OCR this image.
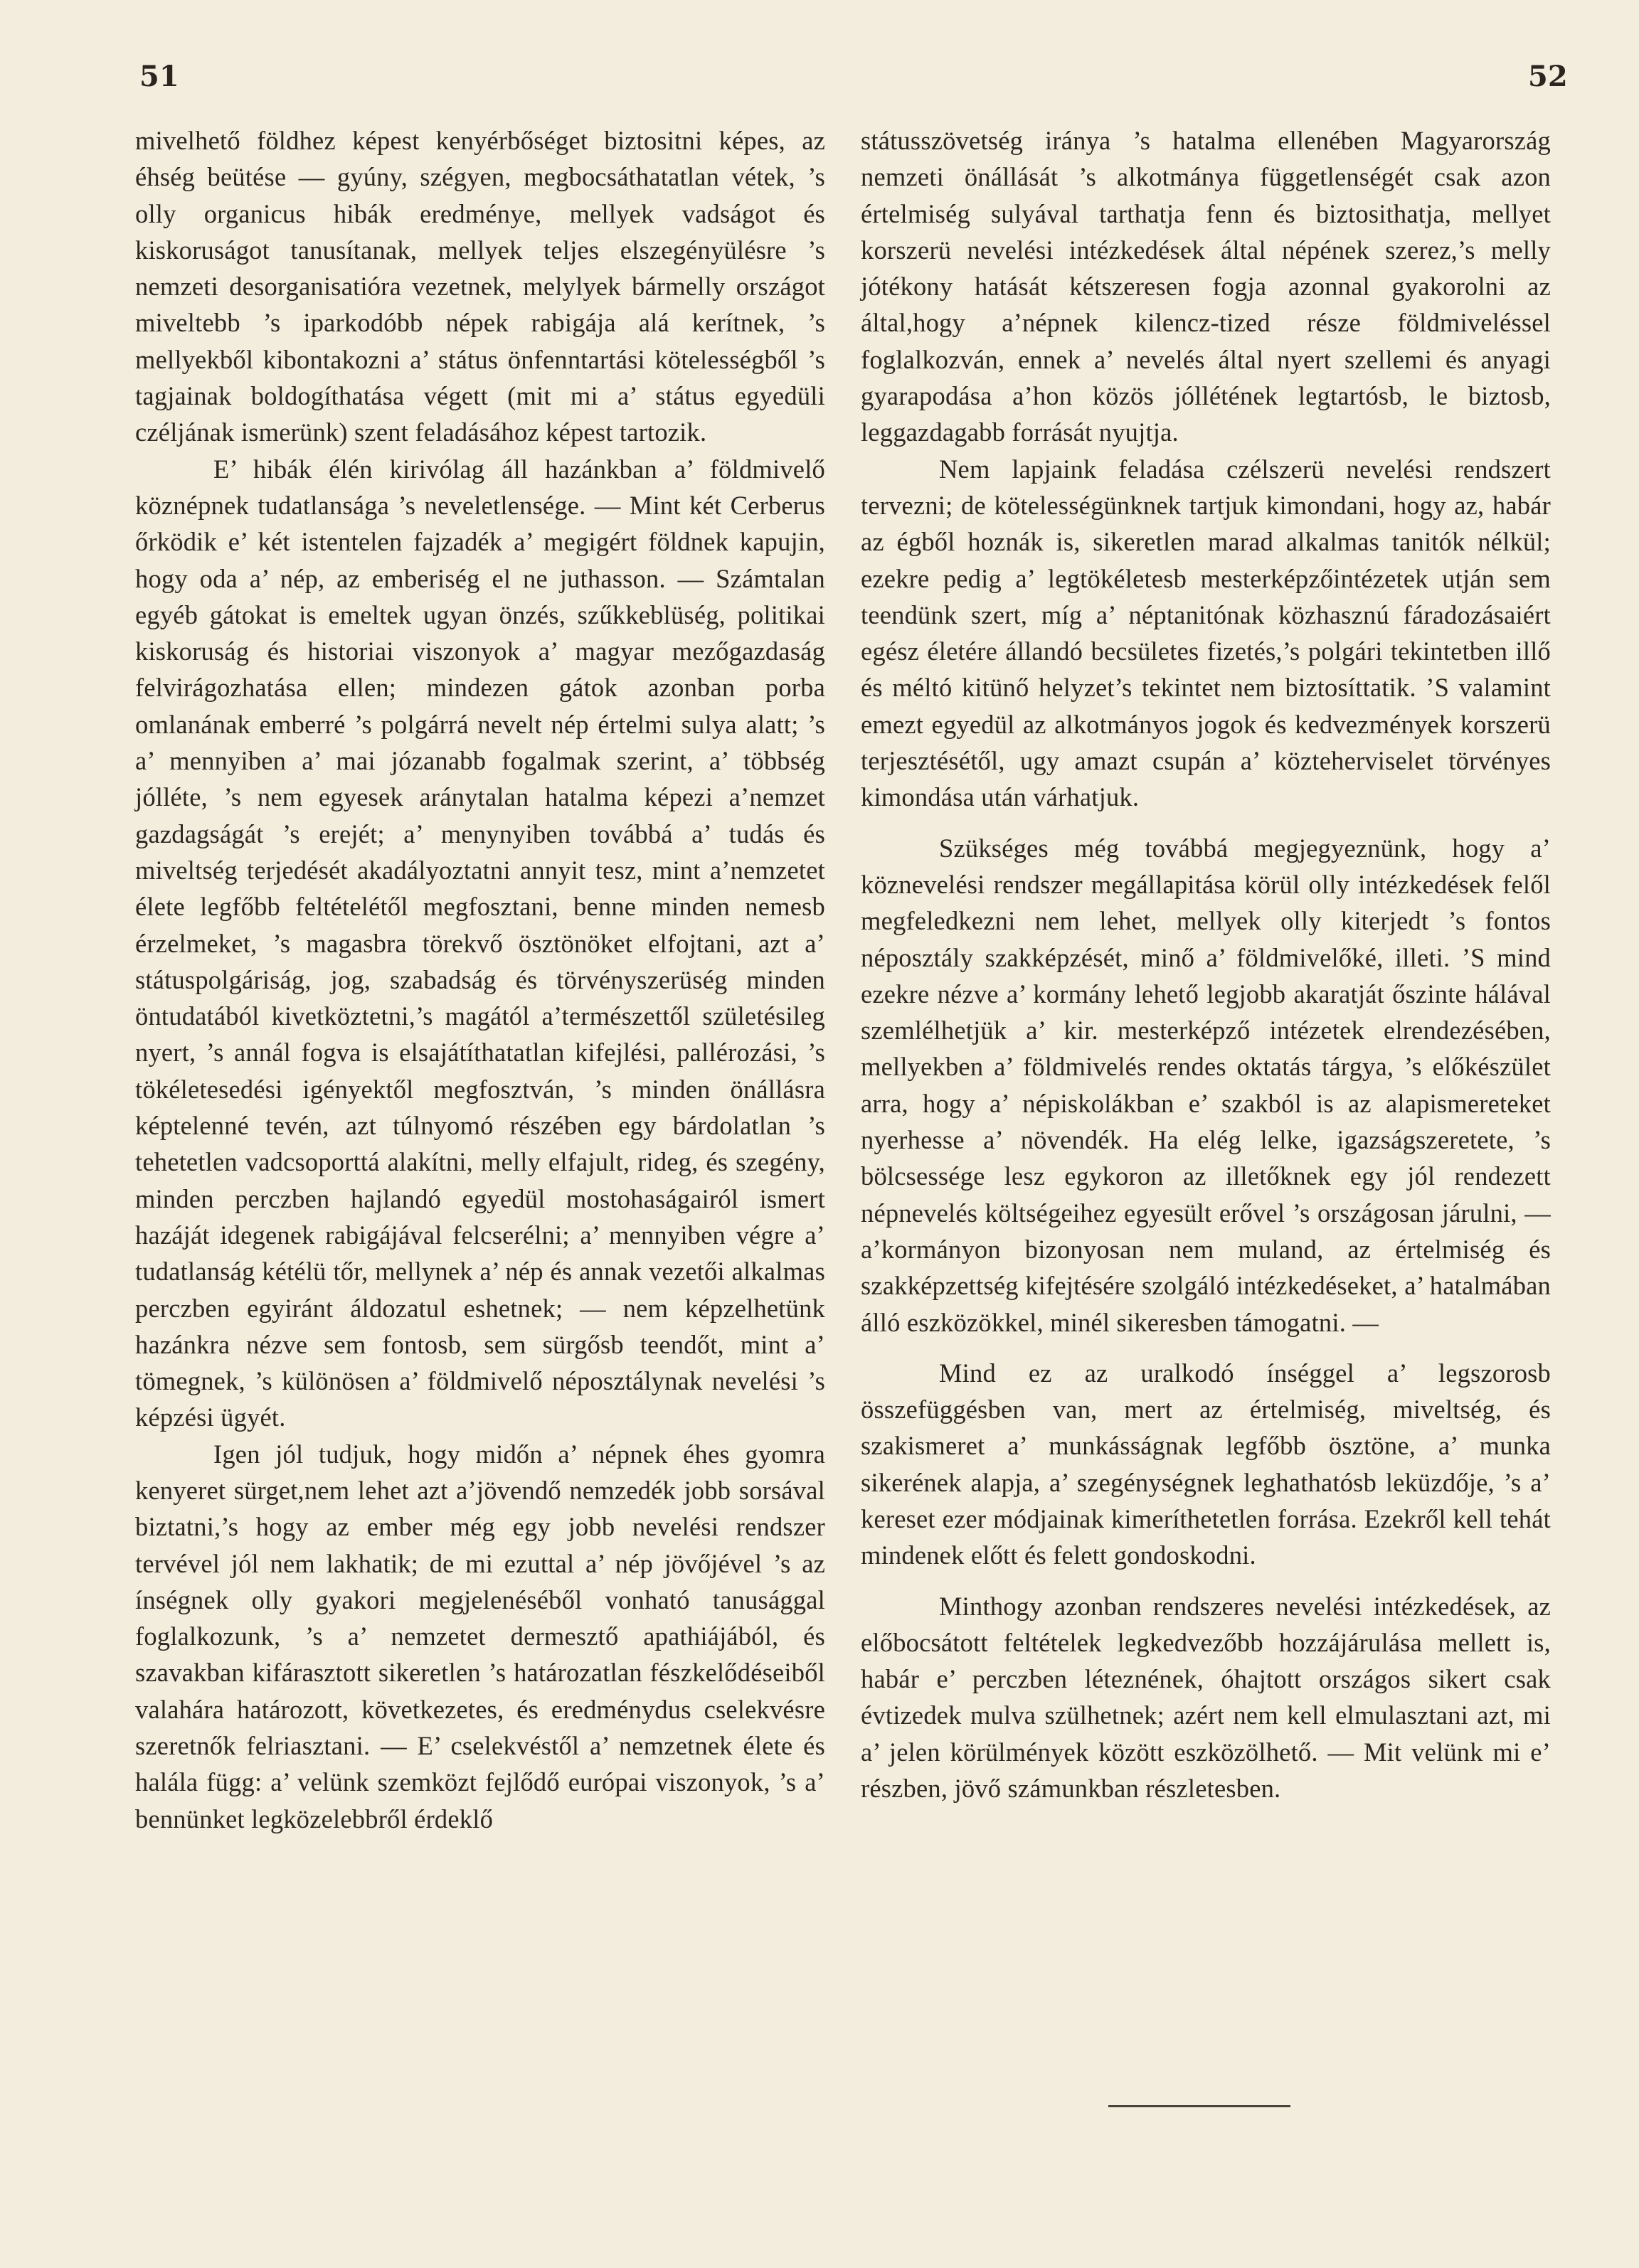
51	52

mivelhető földhez képest kenyérbőséget biztositni képes, az éhség beütése — gyúny, szégyen, megbocsáthatatlan vétek, ’s olly organicus hibák eredménye, mellyek vadságot és kiskoruságot tanusítanak, mellyek teljes elszegényülésre ’s nemzeti desorganisatióra vezetnek, melylyek bármelly országot miveltebb ’s iparkodóbb népek rabigája alá kerítnek, ’s mellyekből kibontakozni a’ státus önfenntartási kötelességből ’s tagjainak boldogíthatása végett (mit mi a’ státus egyedüli czéljának ismerünk) szent feladásához képest tartozik.

E’ hibák élén kirivólag áll hazánkban a’ földmivelő köznépnek tudatlansága ’s neveletlensége. — Mint két Cerberus őrködik e’ két istentelen fajzadék a’ megigért földnek kapujin, hogy oda a’ nép, az emberiség el ne juthasson. — Számtalan egyéb gátokat is emeltek ugyan önzés, szűkkeblüség, politikai kiskoruság és historiai viszonyok a’ magyar mezőgazdaság felvirágozhatása ellen; mindezen gátok azonban porba omlanának emberré ’s polgárrá nevelt nép értelmi sulya alatt; ’s a’ mennyiben a’ mai józanabb fogalmak szerint, a’ többség jólléte, ’s nem egyesek aránytalan hatalma képezi a’nemzet gazdagságát ’s erejét; a’ menynyiben továbbá a’ tudás és miveltség terjedését akadályoztatni annyit tesz, mint a’nemzetet élete legfőbb feltételétől megfosztani, benne minden nemesb érzelmeket, ’s magasbra törekvő ösztönöket elfojtani, azt a’ státuspolgáriság, jog, szabadság és törvényszerüség minden öntudatából kivetköztetni,’s magától a’természettől születésileg nyert, ’s annál fogva is elsajátíthatatlan kifejlési, pallérozási, ’s tökéletesedési igényektől megfosztván, ’s minden önállásra képtelenné tevén, azt túlnyomó részében egy bárdolatlan ’s tehetetlen vadcsoporttá alakítni, melly elfajult, rideg, és szegény, minden perczben hajlandó egyedül mostohaságairól ismert hazáját idegenek rabigájával felcserélni; a’ mennyiben végre a’ tudatlanság kétélü tőr, mellynek a’ nép és annak vezetői alkalmas perczben egyiránt áldozatul eshetnek; — nem képzelhetünk hazánkra nézve sem fontosb, sem sürgősb teendőt, mint a’ tömegnek, ’s különösen a’ földmivelő néposztálynak nevelési ’s képzési ügyét.

Igen jól tudjuk, hogy midőn a’ népnek éhes gyomra kenyeret sürget,nem lehet azt a’jövendő nemzedék jobb sorsával biztatni,’s hogy az ember még egy jobb nevelési rendszer tervével jól nem lakhatik; de mi ezuttal a’ nép jövőjével ’s az ínségnek olly gyakori megjelenéséből vonható tanusággal foglalkozunk, ’s a’ nemzetet dermesztő apathiájából, és szavakban kifárasztott sikeretlen ’s határozatlan fészkelődéseiből valahára határozott, következetes, és eredménydus cselekvésre szeretnők felriasztani. — E’ cselekvéstől a’ nemzetnek élete és halála függ: a’ velünk szemközt fejlődő európai viszonyok, ’s a’ bennünket legközelebbről érdeklő

státusszövetség iránya ’s hatalma ellenében Magyarország nemzeti önállását ’s alkotmánya függetlenségét csak azon értelmiség sulyával tarthatja fenn és biztosithatja, mellyet korszerü nevelési intézkedések által népének szerez,’s melly jótékony hatását kétszeresen fogja azonnal gyakorolni az által,hogy a’népnek kilencz-tized része földmiveléssel foglalkozván, ennek a’ nevelés által nyert szellemi és anyagi gyarapodása a’hon közös jóllétének legtartósb, le biztosb, leggazdagabb forrását nyujtja.

Nem lapjaink feladása czélszerü nevelési rendszert tervezni; de kötelességünknek tartjuk kimondani, hogy az, habár az égből hoznák is, sikeretlen marad alkalmas tanitók nélkül; ezekre pedig a’ legtökéletesb mesterképzőintézetek utján sem teendünk szert, míg a’ néptanitónak közhasznú fáradozásaiért egész életére állandó becsületes fizetés,’s polgári tekintetben illő és méltó kitünő helyzet’s tekintet nem biztosíttatik. ’S valamint emezt egyedül az alkotmányos jogok és kedvezmények korszerü terjesztésétől, ugy amazt csupán a’ közteherviselet törvényes kimondása után várhatjuk.

Szükséges még továbbá megjegyeznünk, hogy a’ köznevelési rendszer megállapitása körül olly intézkedések felől megfeledkezni nem lehet, mellyek olly kiterjedt ’s fontos néposztály szakképzését, minő a’ földmivelőké, illeti. ’S mind ezekre nézve a’ kormány lehető legjobb akaratját őszinte hálával szemlélhetjük a’ kir. mesterképző intézetek elrendezésében, mellyekben a’ földmivelés rendes oktatás tárgya, ’s előkészület arra, hogy a’ népiskolákban e’ szakból is az alapismereteket nyerhesse a’ növendék. Ha elég lelke, igazságszeretete, ’s bölcsessége lesz egykoron az illetőknek egy jól rendezett népnevelés költségeihez egyesült erővel ’s országosan járulni, — a’kormányon bizonyosan nem muland, az értelmiség és szakképzettség kifejtésére szolgáló intézkedéseket, a’ hatalmában álló eszközökkel, minél sikeresben támogatni. —

Mind ez az uralkodó ínséggel a’ legszorosb összefüggésben van, mert az értelmiség, miveltség, és szakismeret a’ munkásságnak legfőbb ösztöne, a’ munka sikerének alapja, a’ szegénységnek leghathatósb leküzdője, ’s a’ kereset ezer módjainak kimeríthetetlen forrása. Ezekről kell tehát mindenek előtt és felett gondoskodni.

Minthogy azonban rendszeres nevelési intézkedések, az előbocsátott feltételek legkedvezőbb hozzájárulása mellett is, habár e’ perczben léteznének, óhajtott országos sikert csak évtizedek mulva szülhetnek; azért nem kell elmulasztani azt, mi a’ jelen körülmények között eszközölhető. — Mit velünk mi e’ részben, jövő számunkban részletesben.
